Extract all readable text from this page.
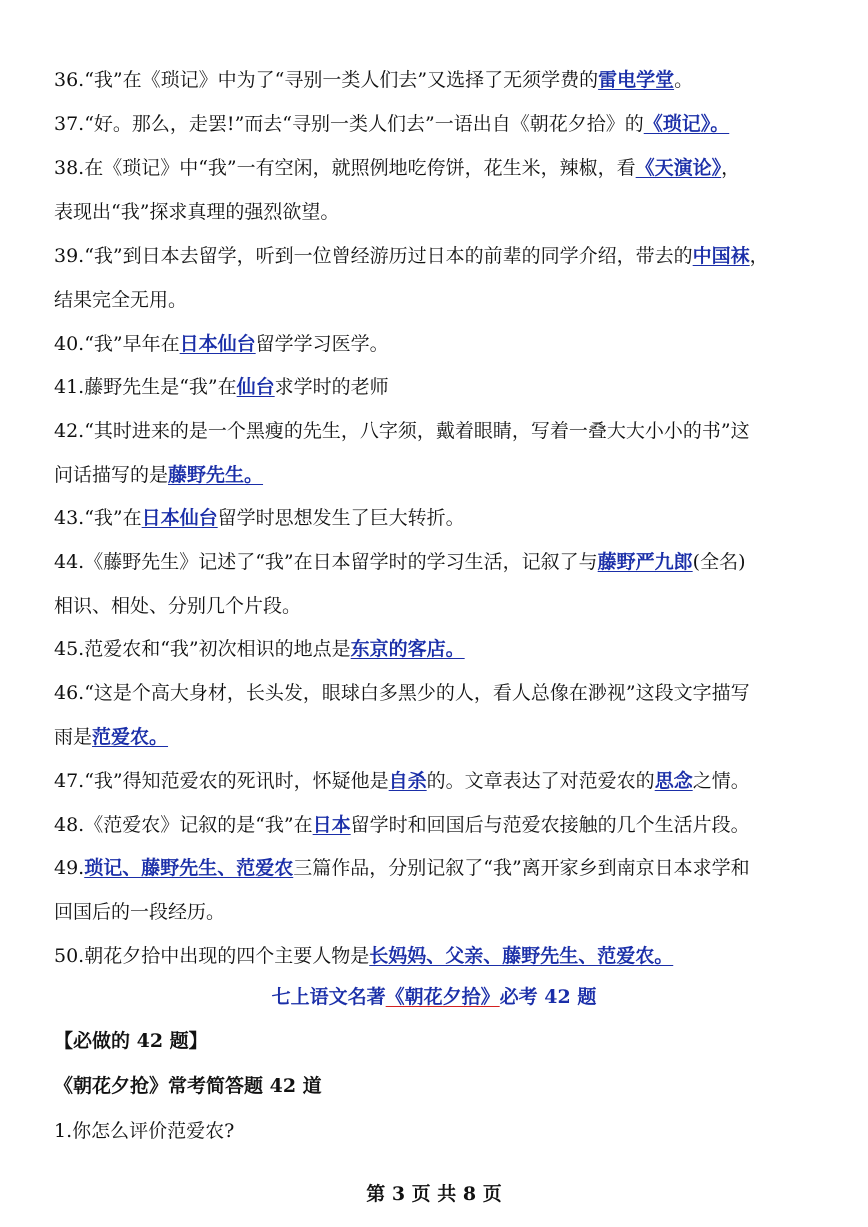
36.“我”在《琐记》中为了“寻别一类人们去”又选择了无须学费的雷电学堂。
37.“好。那么，走罢!”而去“寻别一类人们去”一语出自《朝花夕拾》的《琐记》。
38.在《琐记》中“我”一有空闲，就照例地吃侉饼，花生米，辣椒，看《天演论》，
表现出“我”探求真理的强烈欲望。
39.“我”到日本去留学，听到一位曾经游历过日本的前辈的同学介绍，带去的中国袜，
结果完全无用。
40.“我”早年在日本仙台留学学习医学。
41.藤野先生是“我”在仙台求学时的老师
42.“其时进来的是一个黑瘦的先生，八字须，戴着眼睛，写着一叠大大小小的书”这
问话描写的是藤野先生。
43.“我”在日本仙台留学时思想发生了巨大转折。
44.《藤野先生》记述了“我”在日本留学时的学习生活，记叙了与藤野严九郎(全名)
相识、相处、分别几个片段。
45.范爱农和“我”初次相识的地点是东京的客店。
46.“这是个高大身材，长头发，眼球白多黑少的人，看人总像在渺视”这段文字描写
雨是范爱农。
47.“我”得知范爱农的死讯时，怀疑他是自杀的。文章表达了对范爱农的思念之情。
48.《范爱农》记叙的是“我”在日本留学时和回国后与范爱农接触的几个生活片段。
49.琐记、藤野先生、范爱农三篇作品，分别记叙了“我”离开家乡到南京日本求学和
回国后的一段经历。
50.朝花夕拾中出现的四个主要人物是长妈妈、父亲、藤野先生、范爱农。
七上语文名著《朝花夕拾》必考 42 题
【必做的 42 题】
《朝花夕抢》常考简答题 42 道
1.你怎么评价范爱农?
第 3 页 共 8 页
